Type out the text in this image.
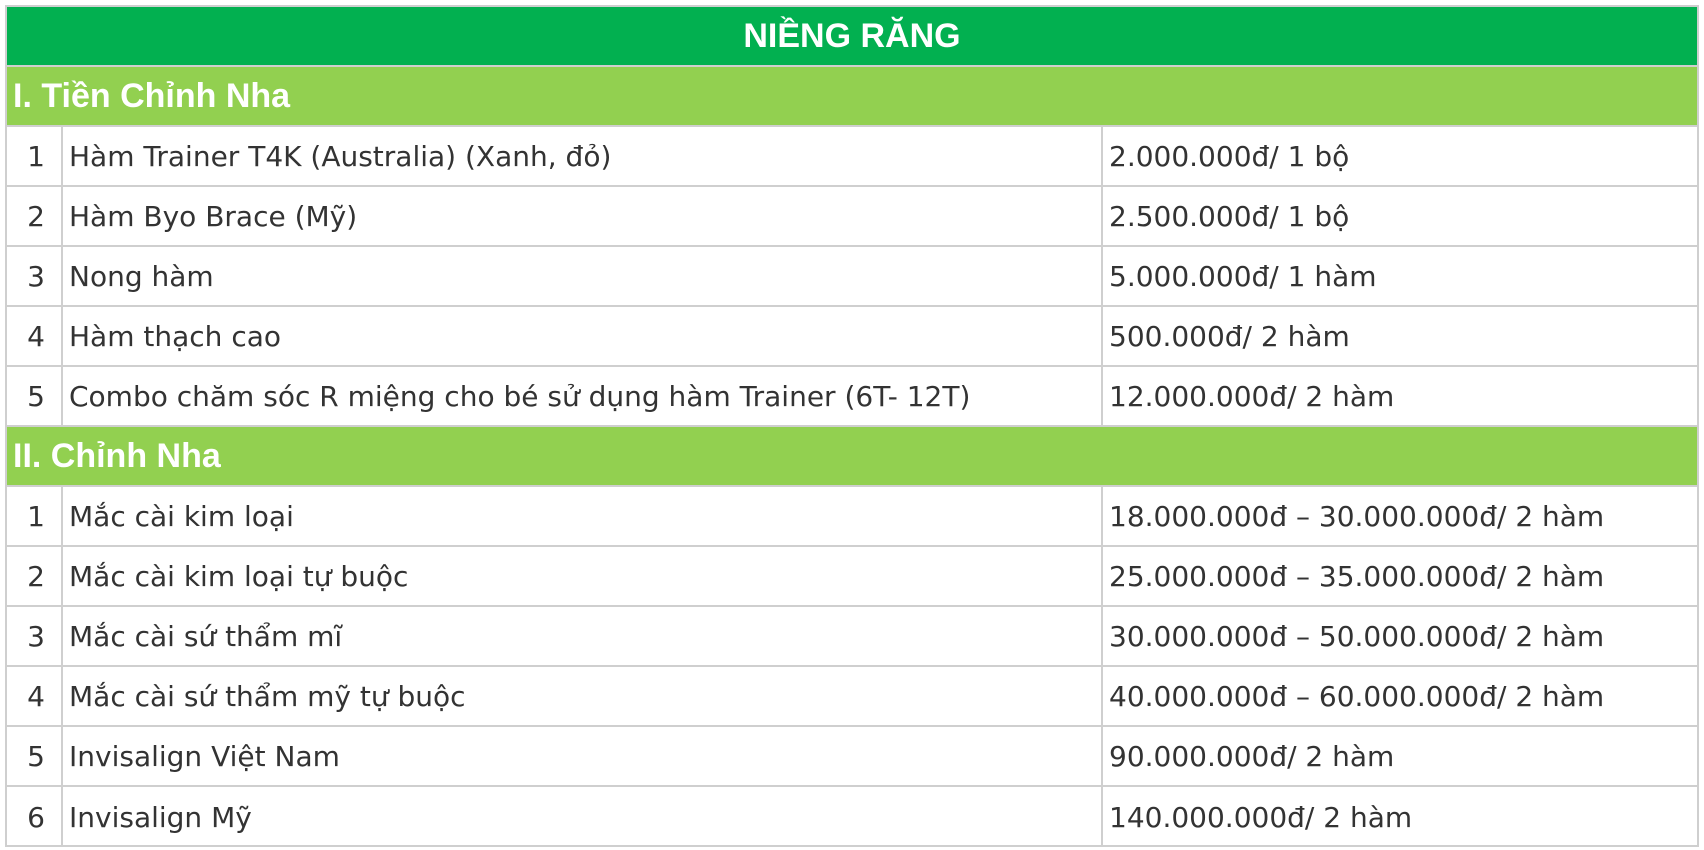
NIỀNG RĂNG
I. Tiền Chỉnh Nha
1 Hàm Trainer T4K (Australia) (Xanh, đỏ)	2.000.000đ/ 1 bộ
2 Hàm Byo Brace (Mỹ)	2.500.000đ/ 1 bộ
3 Nong hàm	5.000.000đ/ 1 hàm
4 Hàm thạch cao	500.000đ/ 2 hàm
5 Combo chăm sóc R miệng cho bé sử dụng hàm Trainer (6T- 12T)	12.000.000đ/ 2 hàm
II. Chỉnh Nha
1 Mắc cài kim loại	18.000.000đ – 30.000.000đ/ 2 hàm
2 Mắc cài kim loại tự buộc	25.000.000đ – 35.000.000đ/ 2 hàm
3 Mắc cài sứ thẩm mĩ	30.000.000đ – 50.000.000đ/ 2 hàm
4 Mắc cài sứ thẩm mỹ tự buộc	40.000.000đ – 60.000.000đ/ 2 hàm
5 Invisalign Việt Nam	90.000.000đ/ 2 hàm
6 Invisalign Mỹ	140.000.000đ/ 2 hàm
